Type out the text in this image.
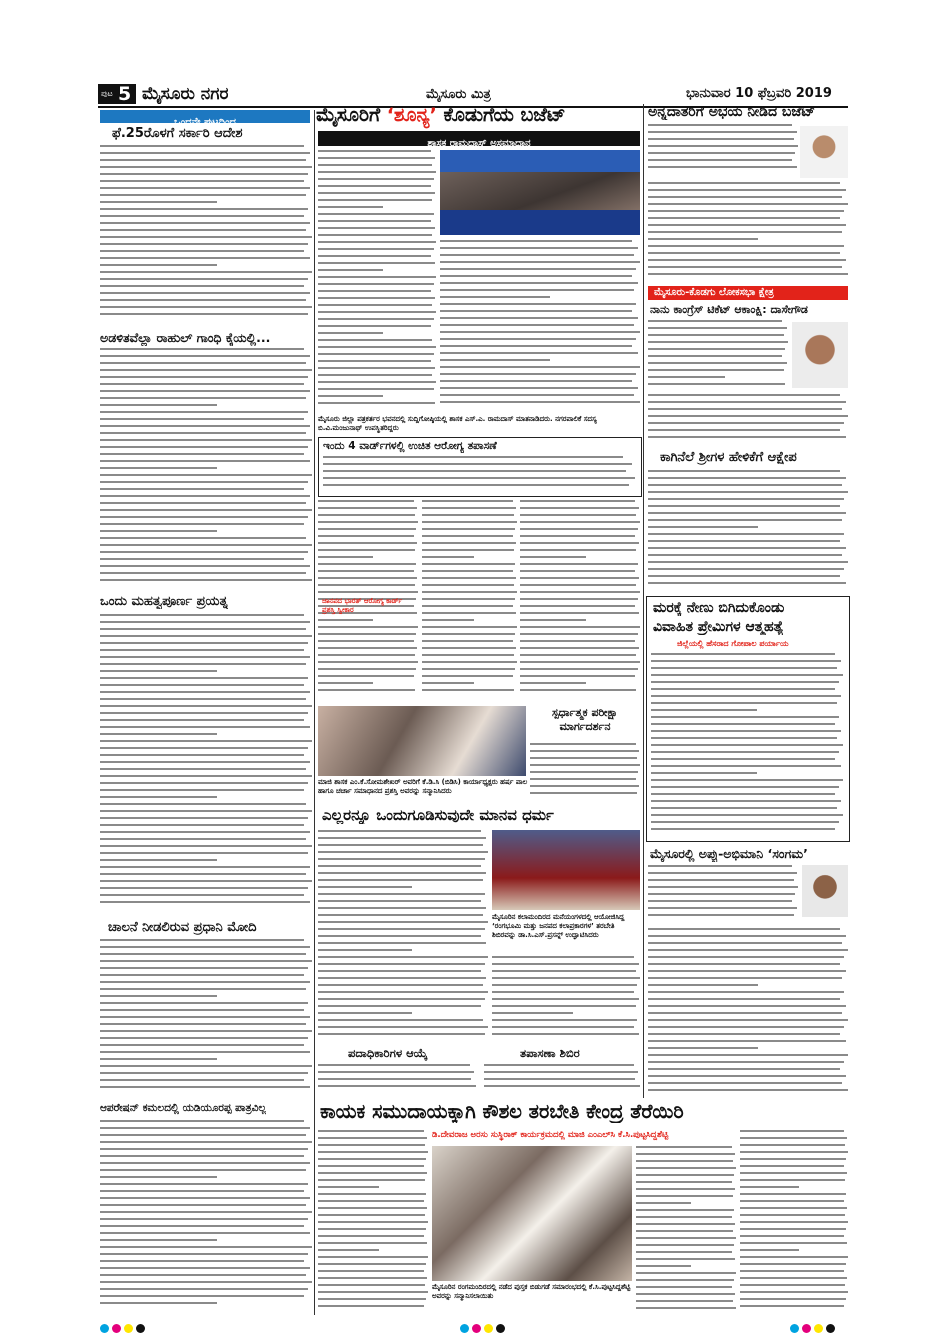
ಪುಟ 5 ಮೈಸೂರು ನಗರ	ಮೈಸೂರು ಮಿತ್ರ	ಭಾನುವಾರ 10 ಫೆಬ್ರವರಿ 2019
ಒಂದನೇ ಪುಟದಿಂದ
ಫೆ.25ರೊಳಗೆ ಸರ್ಕಾರಿ ಆದೇಶ
ಅಡಳಿತವೆಲ್ಲಾ ರಾಹುಲ್ ಗಾಂಧಿ ಕೈಯಲ್ಲಿ...
ಒಂದು ಮಹತ್ವಪೂರ್ಣ ಪ್ರಯತ್ನ
ಚಾಲನೆ ನೀಡಲಿರುವ ಪ್ರಧಾನಿ ಮೋದಿ
ಆಪರೇಷನ್ ಕಮಲದಲ್ಲಿ ಯಡಿಯೂರಪ್ಪ ಪಾತ್ರವಿಲ್ಲ
ಮೈಸೂರಿಗೆ ‘ಶೂನ್ಯ’ ಕೊಡುಗೆಯ ಬಜೆಟ್
ಶಾಸಕ ರಾಮದಾಸ್ ಅಸಮಾಧಾನ
ಮೈಸೂರು ಜಿಲ್ಲಾ ಪತ್ರಕರ್ತರ ಭವನದಲ್ಲಿ ಸುದ್ದಿಗೋಷ್ಠಿಯಲ್ಲಿ ಶಾಸಕ ಎಸ್.ಎ. ರಾಮದಾಸ್ ಮಾತನಾಡಿದರು. ನಗರಪಾಲಿಕೆ ಸದಸ್ಯ ಬಿ.ವಿ.ಮಂಜುನಾಥ್ ಉಪಸ್ಥಿತರಿದ್ದರು
ಇಂದು 4 ವಾರ್ಡ್‌ಗಳಲ್ಲಿ ಉಚಿತ ಆರೋಗ್ಯ ತಪಾಸಣೆ
ಜಾನಪದ ಭಾರತ್ ಆರೋಗ್ಯ ಕಾರ್ಡ್ ಪ್ರಶಸ್ತಿ ಸ್ವೀಕಾರ
ಮಾಜಿ ಶಾಸಕ ಎಂ.ಕೆ.ಸೋಮಶೇಖರ್ ಅವರಿಗೆ ಕೆ.ಡಿ.ಸಿ (ಬಿಡಿಸಿ) ಕಾರ್ಯಾಧ್ಯಕ್ಷರು ಹರ್ಷ ಪಾಲ ಹಾಗೂ ಚರ್ಚಾ ಸಮಾಧಾನದ ಪ್ರಶಸ್ತಿ ಅವರನ್ನು ಸನ್ಮಾನಿಸಿದರು
ಸ್ಪರ್ಧಾತ್ಮಕ ಪರೀಕ್ಷಾ
ಮಾರ್ಗದರ್ಶನ
ಎಲ್ಲರನ್ನೂ ಒಂದುಗೂಡಿಸುವುದೇ ಮಾನವ ಧರ್ಮ
ಮೈಸೂರಿನ ಕಲಾಮಂದಿರದ ಮನೆಯಂಗಳದಲ್ಲಿ ಆಯೋಜಿಸಿದ್ದ ‘ರಂಗಭೂಮಿ ಮತ್ತು ಜನಪದ ಕಲಾಪ್ರಕಾರಗಳ’ ತರಬೇತಿ ಶಿಬಿರವನ್ನು ಡಾ.ಸಿ.ಎಸ್.ಪ್ರಸನ್ನ್ ಉದ್ಘಾಟಿಸಿದರು
ಪದಾಧಿಕಾರಿಗಳ ಆಯ್ಕೆ	ತಪಾಸಣಾ ಶಿಬಿರ
ಅನ್ನದಾತರಿಗೆ ಅಭಯ ನೀಡಿದ ಬಜೆಟ್
ಮೈಸೂರು-ಕೊಡಗು ಲೋಕಸಭಾ ಕ್ಷೇತ್ರ
ನಾನು ಕಾಂಗ್ರೆಸ್ ಟಿಕೆಟ್ ಆಕಾಂಕ್ಷಿ: ದಾಸೇಗೌಡ
ಕಾಗಿನೆಲೆ ಶ್ರೀಗಳ ಹೇಳಿಕೆಗೆ ಆಕ್ಷೇಪ
ಮರಕ್ಕೆ ನೇಣು ಬಿಗಿದುಕೊಂಡು
ವಿವಾಹಿತ ಪ್ರೇಮಿಗಳ ಆತ್ಮಹತ್ಯೆ
ಜಿಲ್ಲೆಯಲ್ಲಿ ಹೆಸರಾದ ಗೋಪಾಲ ಪರ್ಯಾಯ
ಮೈಸೂರಲ್ಲಿ ಅಪ್ಪು-ಅಭಿಮಾನಿ ‘ಸಂಗಮ’
ಕಾಯಕ ಸಮುದಾಯಕ್ಕಾಗಿ ಕೌಶಲ ತರಬೇತಿ ಕೇಂದ್ರ ತೆರೆಯಿರಿ
ಡಿ.ದೇವರಾಜ ಅರಸು ಸುಸ್ಥಿರಾಕ್ ಕಾರ್ಯಕ್ರಮದಲ್ಲಿ ಮಾಜಿ ಎಂಎಲ್‌ಸಿ ಕೆ.ಸಿ.ಪುಟ್ಟಸಿದ್ದಶೆಟ್ಟಿ
ಮೈಸೂರಿನ ರಂಗಮಂದಿರದಲ್ಲಿ ನಡೆದ ಪುಸ್ತಕ ಬಿಡುಗಡೆ ಸಮಾರಂಭದಲ್ಲಿ ಕೆ.ಸಿ.ಪುಟ್ಟಸಿದ್ದಶೆಟ್ಟಿ ಅವರನ್ನು ಸನ್ಮಾನಿಸಲಾಯಿತು
